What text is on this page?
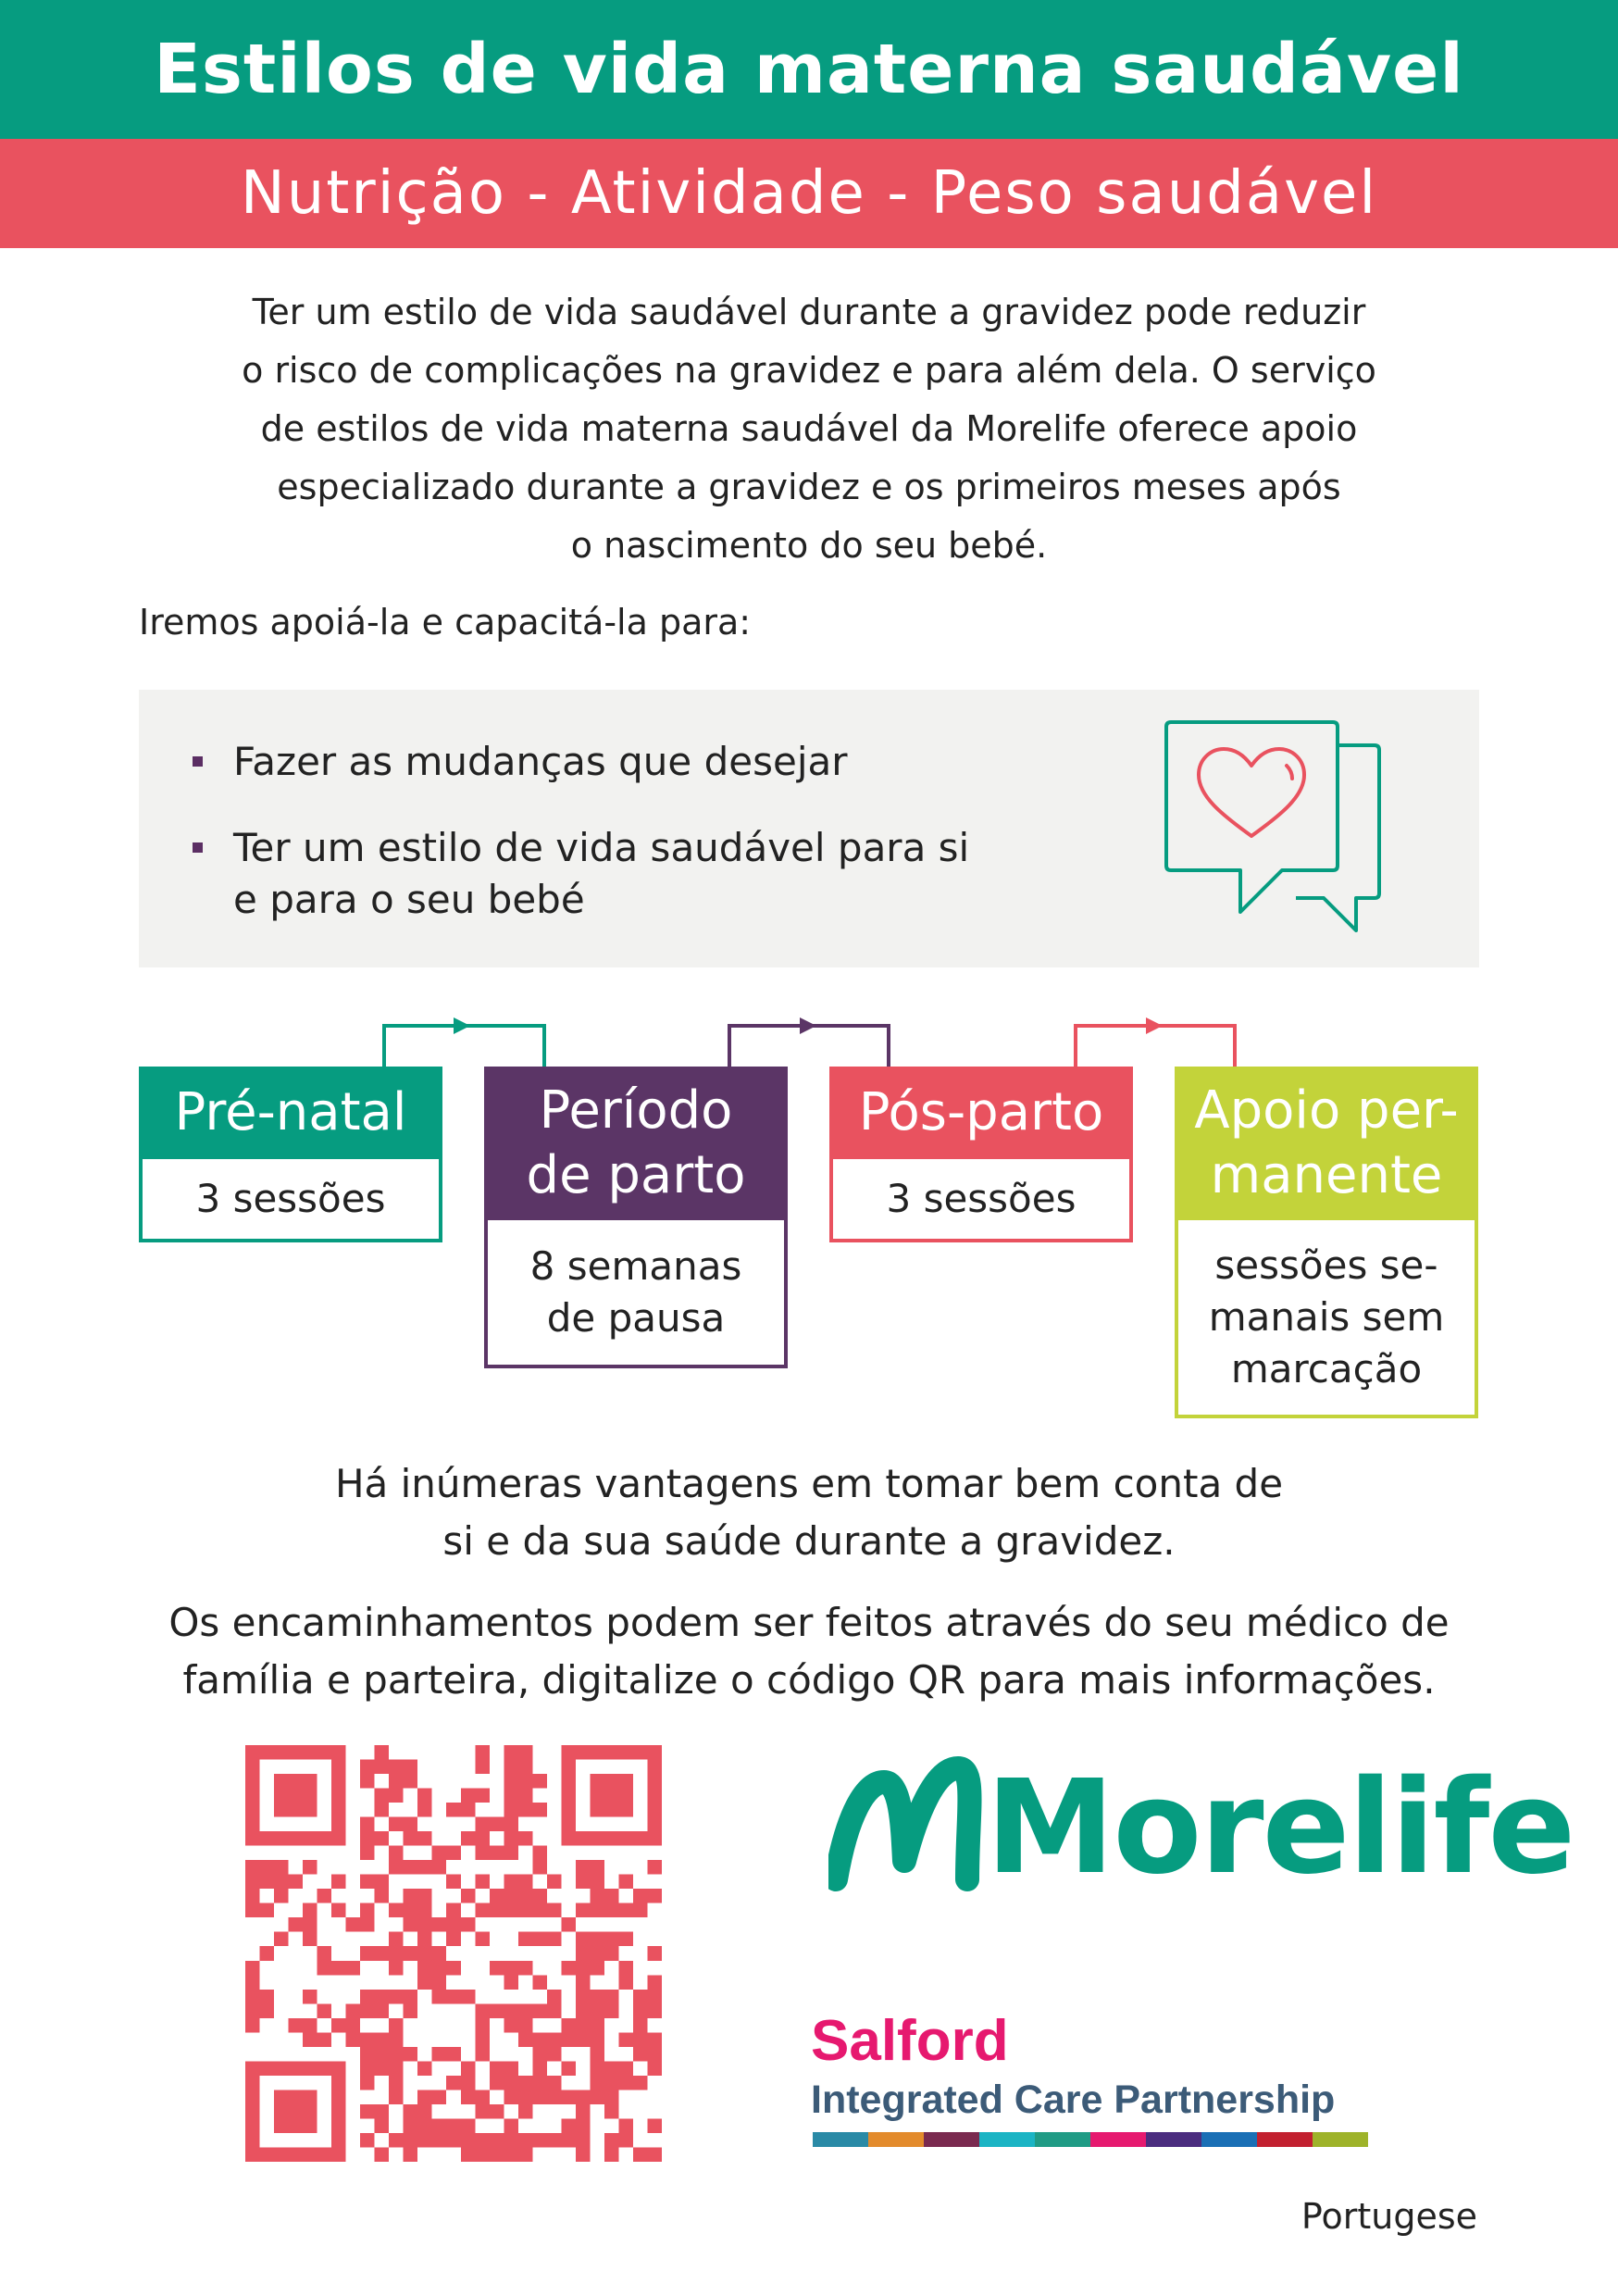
Estilos de vida materna saudável
Nutrição - Atividade - Peso saudável
Ter um estilo de vida saudável durante a gravidez pode reduzir
o risco de complicações na gravidez e para além dela. O serviço
de estilos de vida materna saudável da Morelife oferece apoio
especializado durante a gravidez e os primeiros meses após
o nascimento do seu bebé.
Iremos apoiá-la e capacitá-la para:
Fazer as mudanças que desejar
Ter um estilo de vida saudável para si
e para o seu bebé
Pré-natal
3 sessões
Período
de parto
8 semanas
de pausa
Pós-parto
3 sessões
Apoio per-
manente
sessões se-
manais sem
marcação
Há inúmeras vantagens em tomar bem conta de
si e da sua saúde durante a gravidez.
Os encaminhamentos podem ser feitos através do seu médico de
família e parteira, digitalize o código QR para mais informações.
Morelife
Salford
Integrated Care Partnership
Portugese
